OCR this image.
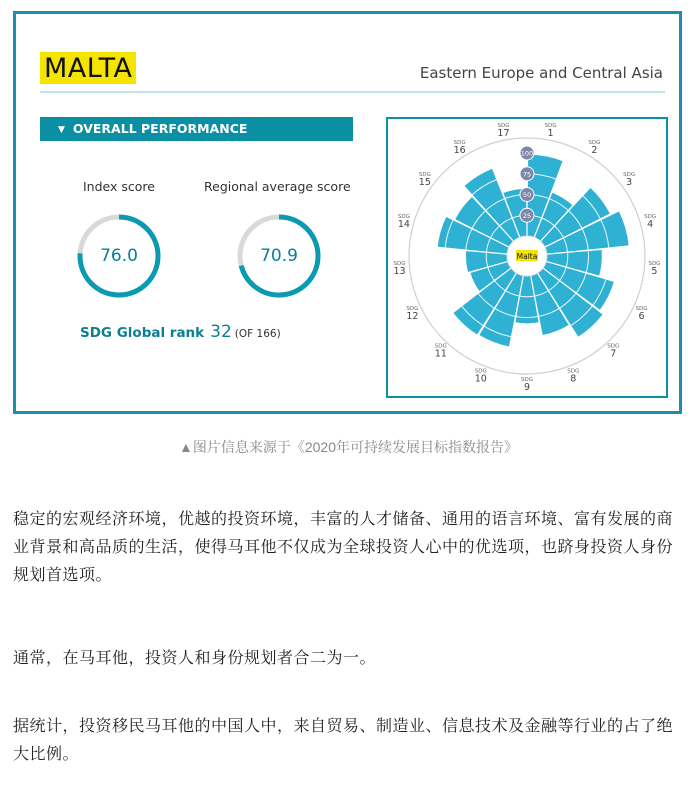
MALTA	Eastern Europe and Central Asia
▼ OVERALL PERFORMANCE
Index score	Regional average score
76.0	70.9
SDG Global rank 32 (OF 166)
Malta
25
50
75
100
SDG
1
SDG
2
SDG
3
SDG
4
SDG
5
SDG
6
SDG
7
SDG
8
SDG
9
SDG
10
SDG
11
SDG
12
SDG
13
SDG
14
SDG
15
SDG
16
SDG
17
▲图片信息来源于《2020年可持续发展目标指数报告》
稳定的宏观经济环境，优越的投资环境，丰富的人才储备、通用的语言环境、富有发展的商业背景和高品质的生活，使得马耳他不仅成为全球投资人心中的优选项，也跻身投资人身份规划首选项。
通常，在马耳他，投资人和身份规划者合二为一。
据统计，投资移民马耳他的中国人中，来自贸易、制造业、信息技术及金融等行业的占了绝大比例。
